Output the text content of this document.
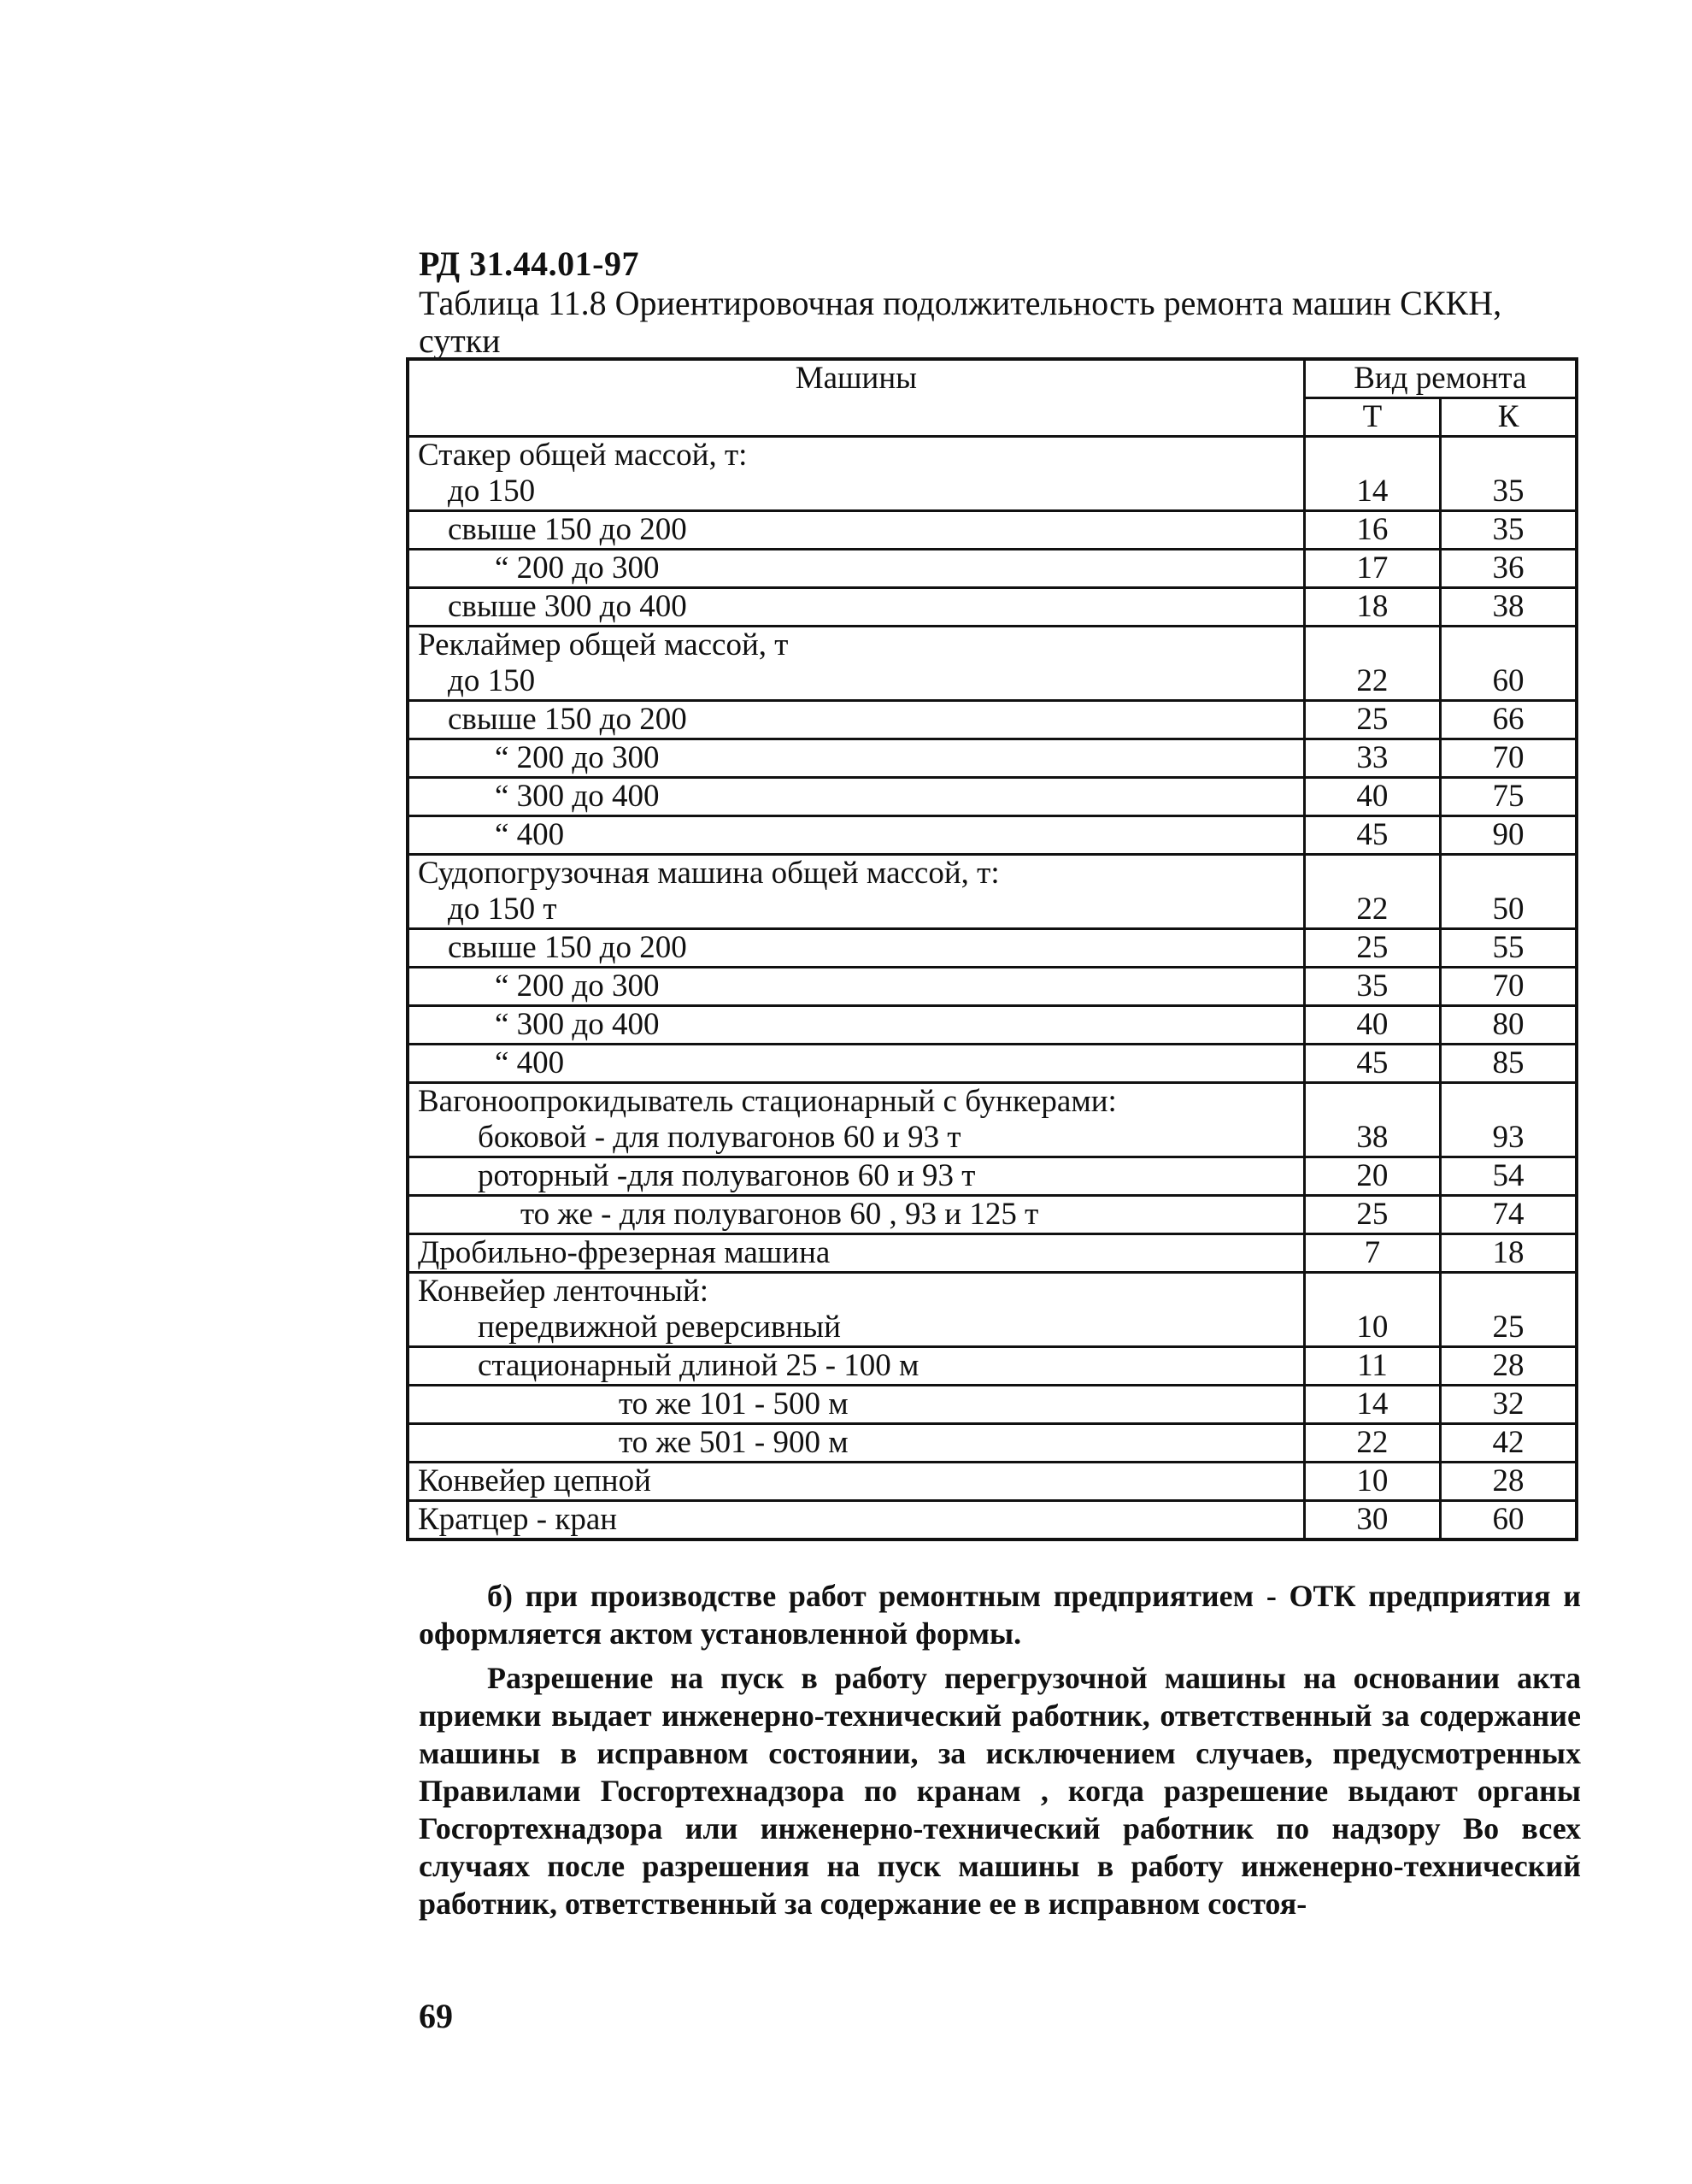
РД 31.44.01-97
Таблица 11.8 Ориентировочная подолжительность ремонта машин СККН, сутки
Машины	Вид ремонта	
	Т	К
Стакер общей массой, т:		
до 150	14	35
свыше 150 до 200	16	35
“ 200 до 300	17	36
свыше 300 до 400	18	38
Реклаймер общей массой, т		
до 150	22	60
свыше 150 до 200	25	66
“ 200 до 300	33	70
“ 300 до 400	40	75
“ 400	45	90
Судопогрузочная машина общей массой, т:		
до 150 т	22	50
свыше 150 до 200	25	55
“ 200 до 300	35	70
“ 300 до 400	40	80
“ 400	45	85
Вагоноопрокидыватель стационарный с бункерами:		
боковой - для полувагонов 60 и 93 т	38	93
роторный -для полувагонов 60 и 93 т	20	54
то же - для полувагонов 60 , 93 и 125 т	25	74
Дробильно-фрезерная машина	7	18
Конвейер ленточный:		
передвижной реверсивный	10	25
стационарный длиной 25 - 100 м	11	28
то же 101 - 500 м	14	32
то же 501 - 900 м	22	42
Конвейер цепной	10	28
Кратцер - кран	30	60

б) при производстве работ ремонтным предприятием - ОТК предприятия и оформляется актом установленной формы.

Разрешение на пуск в работу перегрузочной машины на основании акта приемки выдает инженерно-технический работник, ответственный за содержание машины в исправном состоянии, за исключением случаев, предусмотренных Правилами Госгортехнадзора по кранам , когда разрешение выдают органы Госгортехнадзора или инженерно-технический работник по надзору Во всех случаях после разрешения на пуск машины в работу инженерно-технический работник, ответственный за содержание ее в исправном состоя-

69
